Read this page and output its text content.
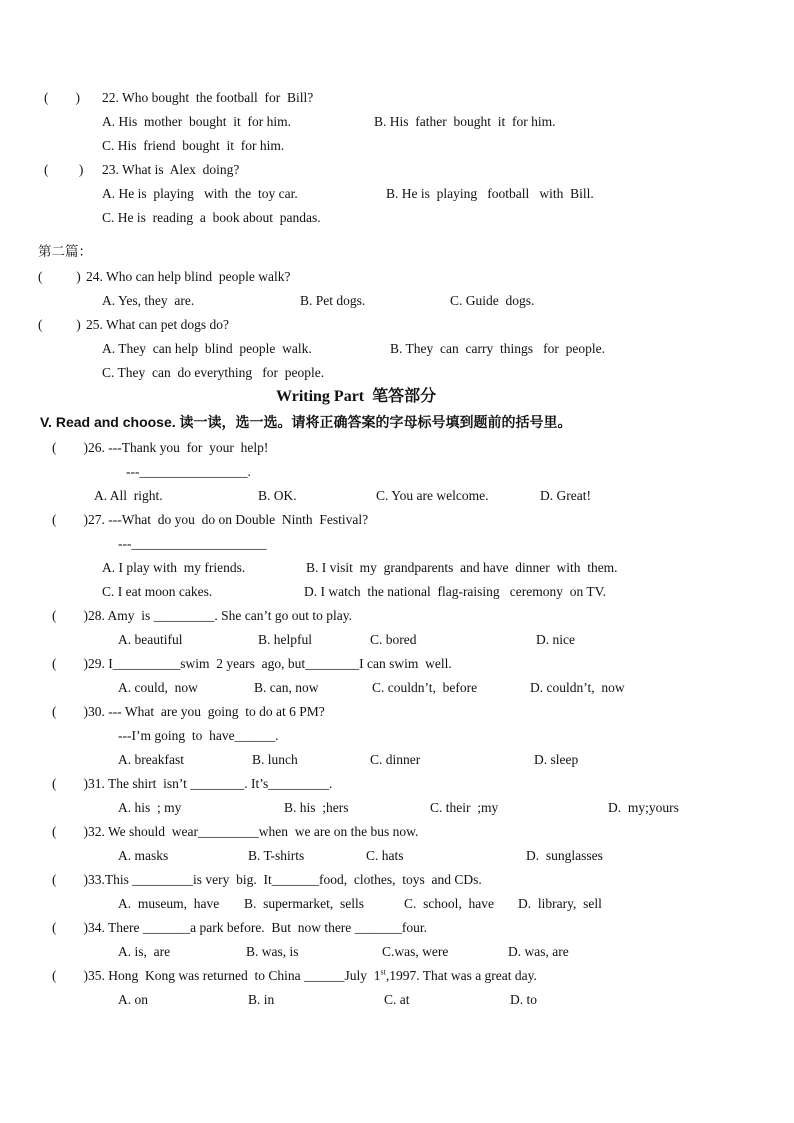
(        ) 22. Who bought  the football  for  Bill?
A. His  mother  bought  it  for him.	B. His  father  bought  it  for him.
C. His  friend  bought  it  for him.
(         ) 23. What is  Alex  doing?
A. He is  playing   with  the  toy car.	B. He is  playing   football   with  Bill.
C. He is  reading  a  book about  pandas.
第二篇：
(          ) 24. Who can help blind  people walk?
A. Yes, they  are.	B. Pet dogs.	C. Guide  dogs.
(          ) 25. What can pet dogs do?
A. They  can help  blind  people  walk.	B. They  can  carry  things   for  people.
C. They  can  do everything   for  people.
Writing Part  笔答部分
V. Read and choose. 读一读，选一选。请将正确答案的字母标号填到题前的括号里。
(        ) 26. ---Thank you  for  your  help!
---________________.
A. All  right.	B. OK.	C. You are welcome.	D. Great!
(        ) 27. ---What  do you  do on Double  Ninth  Festival?
---____________________
A. I play with  my friends.	B. I visit  my  grandparents  and have  dinner  with  them.
C. I eat moon cakes.	D. I watch  the national  flag-raising   ceremony  on TV.
(        ) 28. Amy  is _________. She can’t go out to play.
A. beautiful	B. helpful	C. bored	D. nice
(        ) 29. I__________swim  2 years  ago, but________I can swim  well.
A. could,  now	B. can, now	C. couldn’t,  before	D. couldn’t,  now
(        ) 30. --- What  are you  going  to do at 6 PM?
---I’m going  to  have______.
A. breakfast	B. lunch	C. dinner	D. sleep
(        ) 31. The shirt  isn’t ________. It’s_________.
A. his  ; my	B. his  ;hers	C. their  ;my	D.  my;yours
(        ) 32. We should  wear_________when  we are on the bus now.
A. masks	B. T-shirts	C. hats	D.  sunglasses
(        ) 33.This _________is very  big.  It_______food,  clothes,  toys  and CDs.
A.  museum,  have B.  supermarket,  sells	C.  school,  have D.  library,  sell
(        ) 34. There _______a park before.  But  now there _______four.
A. is,  are	B. was, is	C.was, were	D. was, are
(        ) 35. Hong  Kong was returned  to China ______July  1st,1997. That was a great day.
A. on	B. in	C. at	D. to
